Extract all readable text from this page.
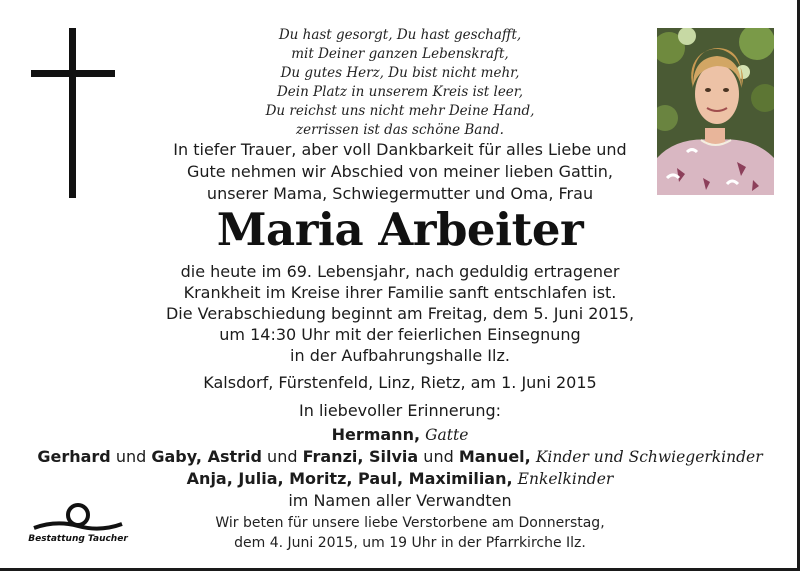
Du hast gesorgt, Du hast geschafft,
mit Deiner ganzen Lebenskraft,
Du gutes Herz, Du bist nicht mehr,
Dein Platz in unserem Kreis ist leer,
Du reichst uns nicht mehr Deine Hand,
zerrissen ist das schöne Band.
In tiefer Trauer, aber voll Dankbarkeit für alles Liebe und
Gute nehmen wir Abschied von meiner lieben Gattin,
unserer Mama, Schwiegermutter und Oma, Frau
Maria Arbeiter
die heute im 69. Lebensjahr, nach geduldig ertragener
Krankheit im Kreise ihrer Familie sanft entschlafen ist.
Die Verabschiedung beginnt am Freitag, dem 5. Juni 2015,
um 14:30 Uhr mit der feierlichen Einsegnung
in der Aufbahrungshalle Ilz.
Kalsdorf, Fürstenfeld, Linz, Rietz, am 1. Juni 2015
In liebevoller Erinnerung:
Hermann, Gatte
Gerhard und Gaby, Astrid und Franzi, Silvia und Manuel, Kinder und Schwiegerkinder
Anja, Julia, Moritz, Paul, Maximilian, Enkelkinder
im Namen aller Verwandten
Bestattung Taucher
Wir beten für unsere liebe Verstorbene am Donnerstag,
dem 4. Juni 2015, um 19 Uhr in der Pfarrkirche Ilz.
